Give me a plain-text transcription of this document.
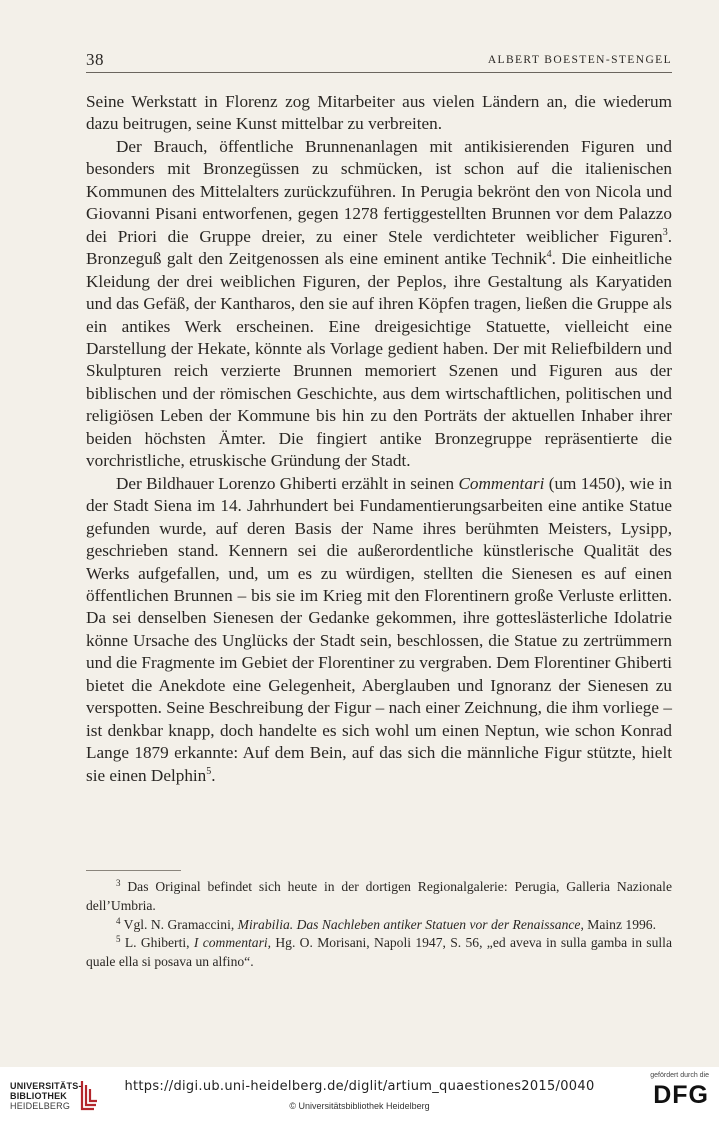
38	ALBERT BOESTEN-STENGEL

Seine Werkstatt in Florenz zog Mitarbeiter aus vielen Ländern an, die wiederum dazu beitrugen, seine Kunst mittelbar zu verbreiten.

Der Brauch, öffentliche Brunnenanlagen mit antikisierenden Figuren und besonders mit Bronzegüssen zu schmücken, ist schon auf die italienischen Kommunen des Mittelalters zurückzuführen. In Perugia bekrönt den von Nicola und Giovanni Pisani entworfenen, gegen 1278 fertiggestellten Brunnen vor dem Palazzo dei Priori die Gruppe dreier, zu einer Stele verdichteter weiblicher Figuren$^3$. Bronzeguß galt den Zeitgenossen als eine eminent antike Technik$^4$. Die einheitliche Kleidung der drei weiblichen Figuren, der Peplos, ihre Gestaltung als Karyatiden und das Gefäß, der Kantharos, den sie auf ihren Köpfen tragen, ließen die Gruppe als ein antikes Werk erscheinen. Eine dreigesichtige Statuette, vielleicht eine Darstellung der Hekate, könnte als Vorlage gedient haben. Der mit Reliefbildern und Skulpturen reich verzierte Brunnen memoriert Szenen und Figuren aus der biblischen und der römischen Geschichte, aus dem wirtschaftlichen, politischen und religiösen Leben der Kommune bis hin zu den Porträts der aktuellen Inhaber ihrer beiden höchsten Ämter. Die fingiert antike Bronzegruppe repräsentierte die vorchristliche, etruskische Gründung der Stadt.

Der Bildhauer Lorenzo Ghiberti erzählt in seinen Commentari (um 1450), wie in der Stadt Siena im 14. Jahrhundert bei Fundamentierungsarbeiten eine antike Statue gefunden wurde, auf deren Basis der Name ihres berühmten Meisters, Lysipp, geschrieben stand. Kennern sei die außerordentliche künstlerische Qualität des Werks aufgefallen, und, um es zu würdigen, stellten die Sienesen es auf einen öffentlichen Brunnen – bis sie im Krieg mit den Florentinern große Verluste erlitten. Da sei denselben Sienesen der Gedanke gekommen, ihre gotteslästerliche Idolatrie könne Ursache des Unglücks der Stadt sein, beschlossen, die Statue zu zertrümmern und die Fragmente im Gebiet der Florentiner zu vergraben. Dem Florentiner Ghiberti bietet die Anekdote eine Gelegenheit, Aberglauben und Ignoranz der Sienesen zu verspotten. Seine Beschreibung der Figur – nach einer Zeichnung, die ihm vorliege – ist denkbar knapp, doch handelte es sich wohl um einen Neptun, wie schon Konrad Lange 1879 erkannte: Auf dem Bein, auf das sich die männliche Figur stützte, hielt sie einen Delphin$^5$.

$^3$ Das Original befindet sich heute in der dortigen Regionalgalerie: Perugia, Galleria Nazionale dell’Umbria.

$^4$ Vgl. N. Gramaccini, Mirabilia. Das Nachleben antiker Statuen vor der Renaissance, Mainz 1996.

$^5$ L. Ghiberti, I commentari, Hg. O. Morisani, Napoli 1947, S. 56, „ed aveva in sulla gamba in sulla quale ella si posava un alfino“.

UNIVERSITÄTS-
BIBLIOTHEK
HEIDELBERG
https://digi.ub.uni-heidelberg.de/diglit/artium_quaestiones2015/0040
© Universitätsbibliothek Heidelberg
gefördert durch die
DFG
